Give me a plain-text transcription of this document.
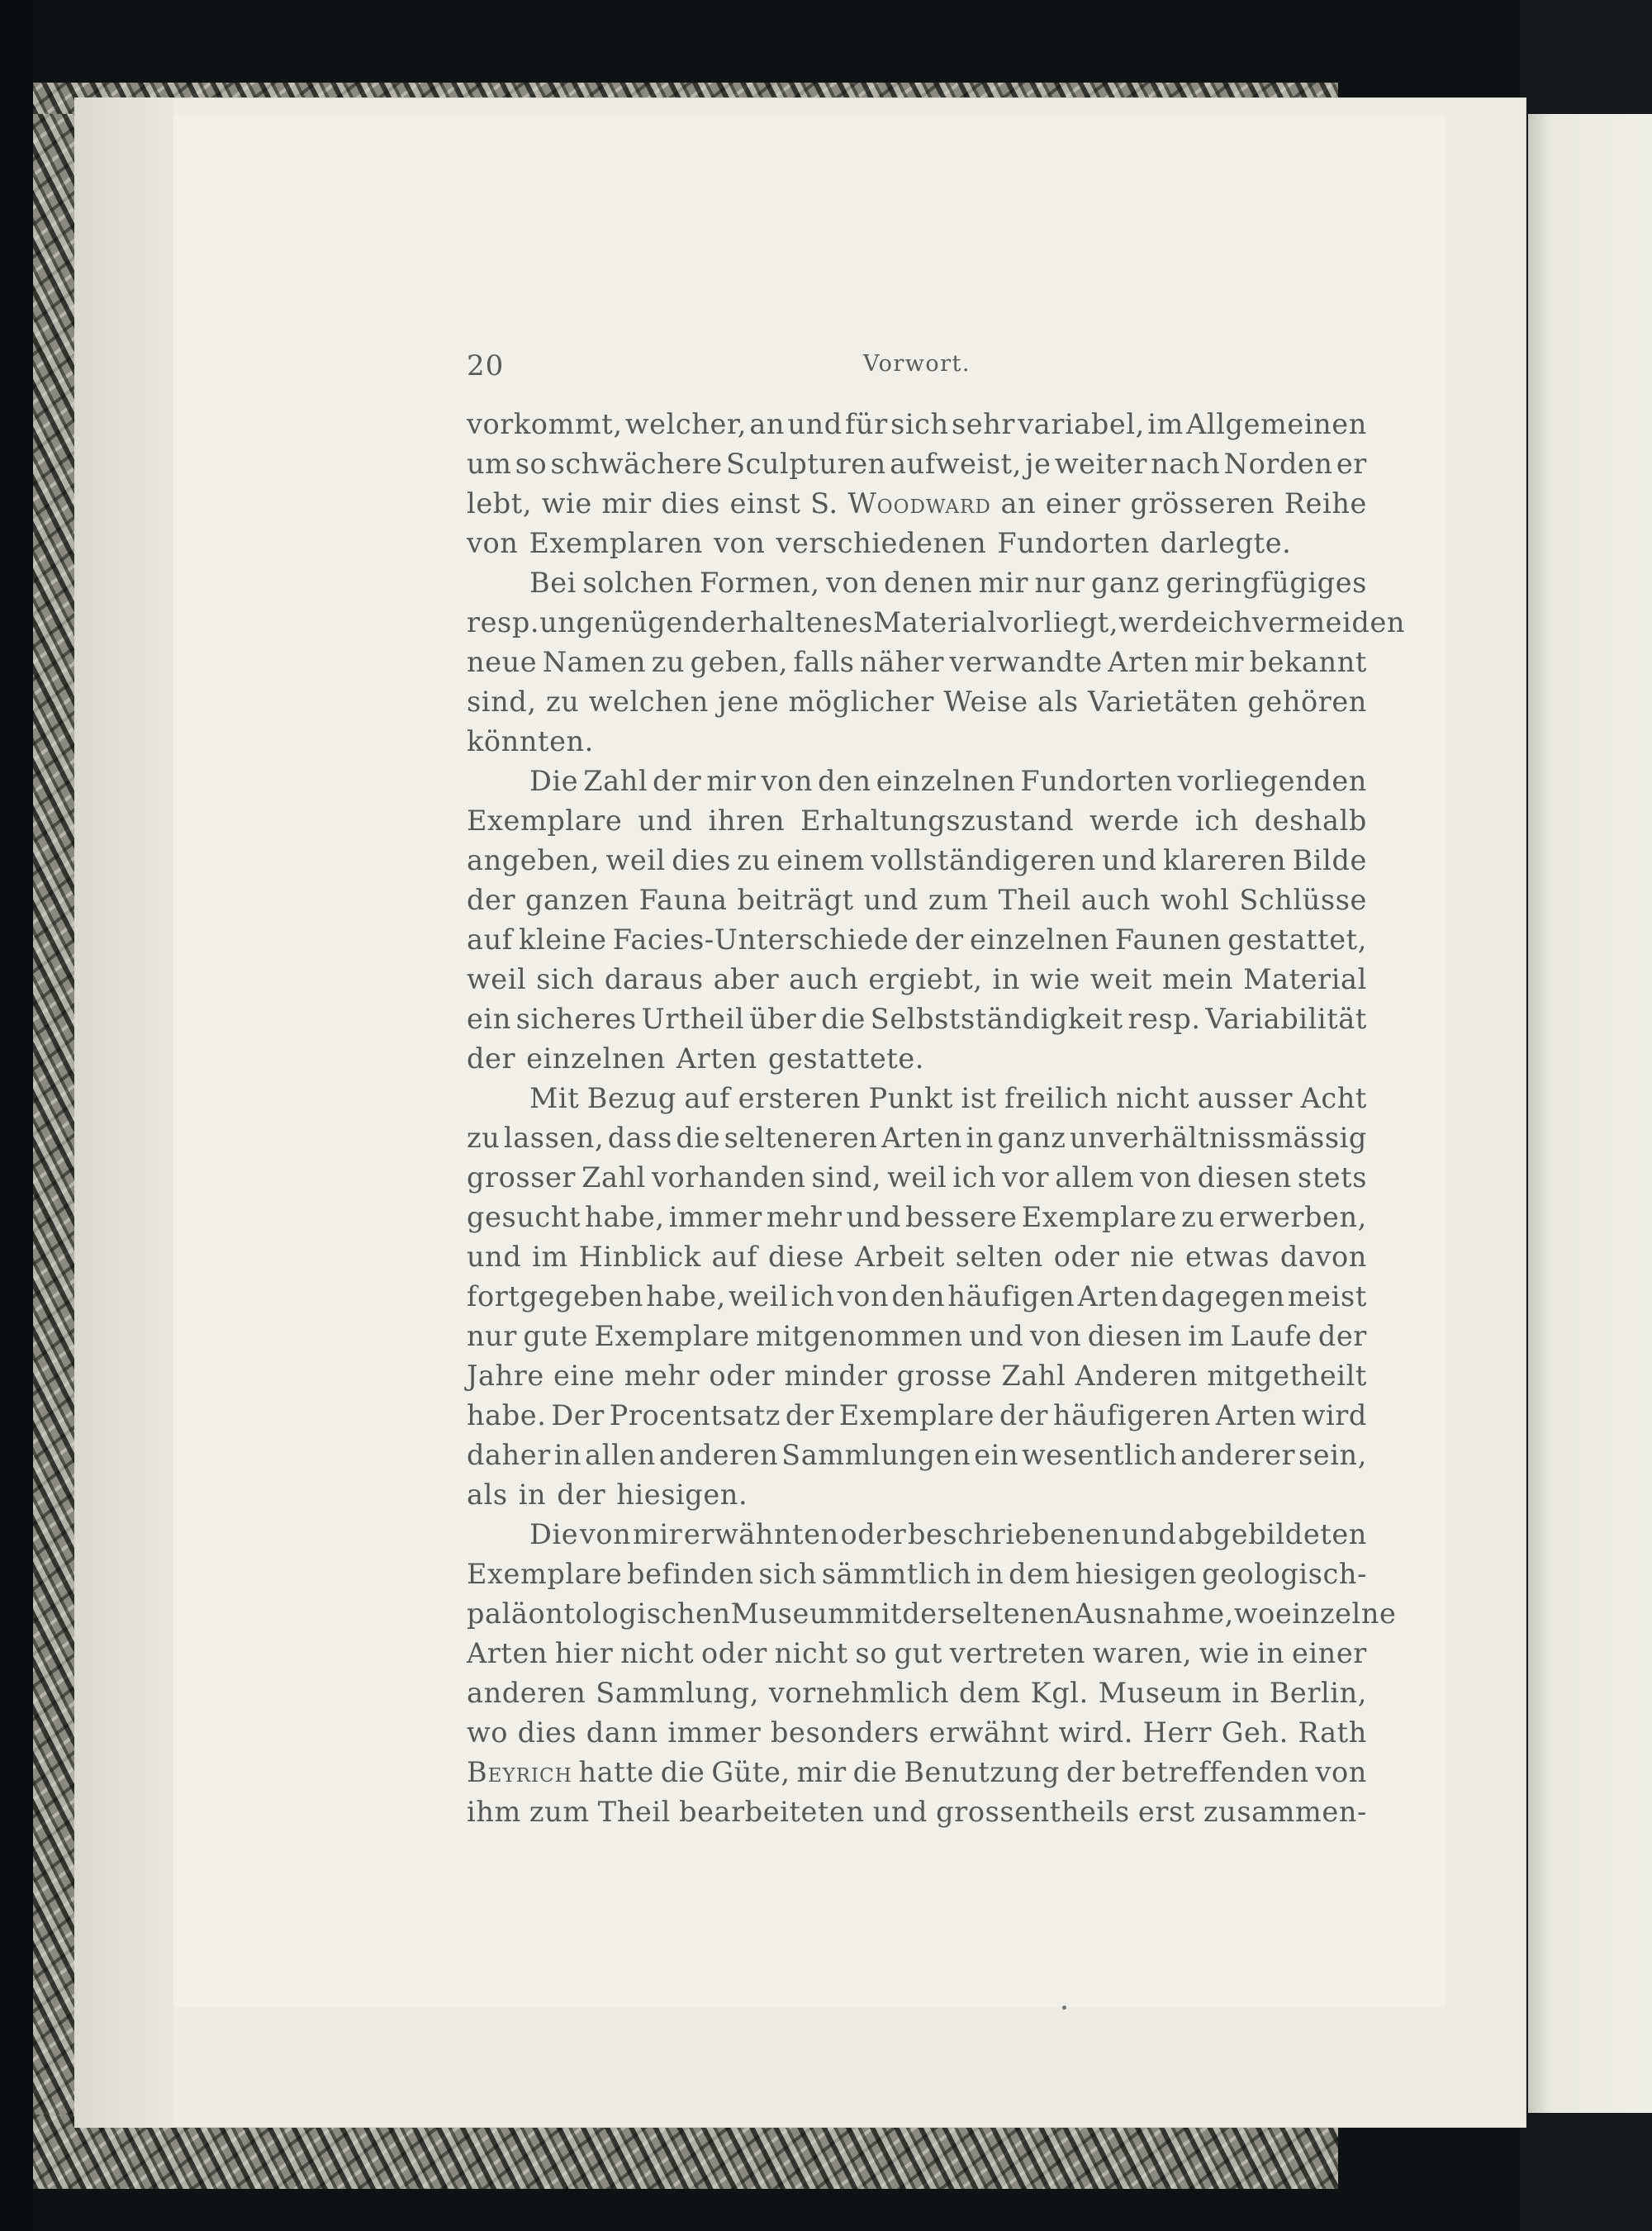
20	Vorwort.
vorkommt, welcher, an und für sich sehr variabel, im Allgemeinen
um so schwächere Sculpturen aufweist, je weiter nach Norden er
lebt, wie mir dies einst S. Woodward an einer grösseren Reihe
von Exemplaren von verschiedenen Fundorten darlegte.
Bei solchen Formen, von denen mir nur ganz geringfügiges
resp. ungenügend erhaltenes Material vorliegt, werde ich vermeiden
neue Namen zu geben, falls näher verwandte Arten mir bekannt
sind, zu welchen jene möglicher Weise als Varietäten gehören
könnten.
Die Zahl der mir von den einzelnen Fundorten vorliegenden
Exemplare und ihren Erhaltungszustand werde ich deshalb
angeben, weil dies zu einem vollständigeren und klareren Bilde
der ganzen Fauna beiträgt und zum Theil auch wohl Schlüsse
auf kleine Facies-Unterschiede der einzelnen Faunen gestattet,
weil sich daraus aber auch ergiebt, in wie weit mein Material
ein sicheres Urtheil über die Selbstständigkeit resp. Variabilität
der einzelnen Arten gestattete.
Mit Bezug auf ersteren Punkt ist freilich nicht ausser Acht
zu lassen, dass die selteneren Arten in ganz unverhältnissmässig
grosser Zahl vorhanden sind, weil ich vor allem von diesen stets
gesucht habe, immer mehr und bessere Exemplare zu erwerben,
und im Hinblick auf diese Arbeit selten oder nie etwas davon
fortgegeben habe, weil ich von den häufigen Arten dagegen meist
nur gute Exemplare mitgenommen und von diesen im Laufe der
Jahre eine mehr oder minder grosse Zahl Anderen mitgetheilt
habe. Der Procentsatz der Exemplare der häufigeren Arten wird
daher in allen anderen Sammlungen ein wesentlich anderer sein,
als in der hiesigen.
Die von mir erwähnten oder beschriebenen und abgebildeten
Exemplare befinden sich sämmtlich in dem hiesigen geologisch-
paläontologischen Museum mit der seltenen Ausnahme, wo einzelne
Arten hier nicht oder nicht so gut vertreten waren, wie in einer
anderen Sammlung, vornehmlich dem Kgl. Museum in Berlin,
wo dies dann immer besonders erwähnt wird. Herr Geh. Rath
Beyrich hatte die Güte, mir die Benutzung der betreffenden von
ihm zum Theil bearbeiteten und grossentheils erst zusammen-
